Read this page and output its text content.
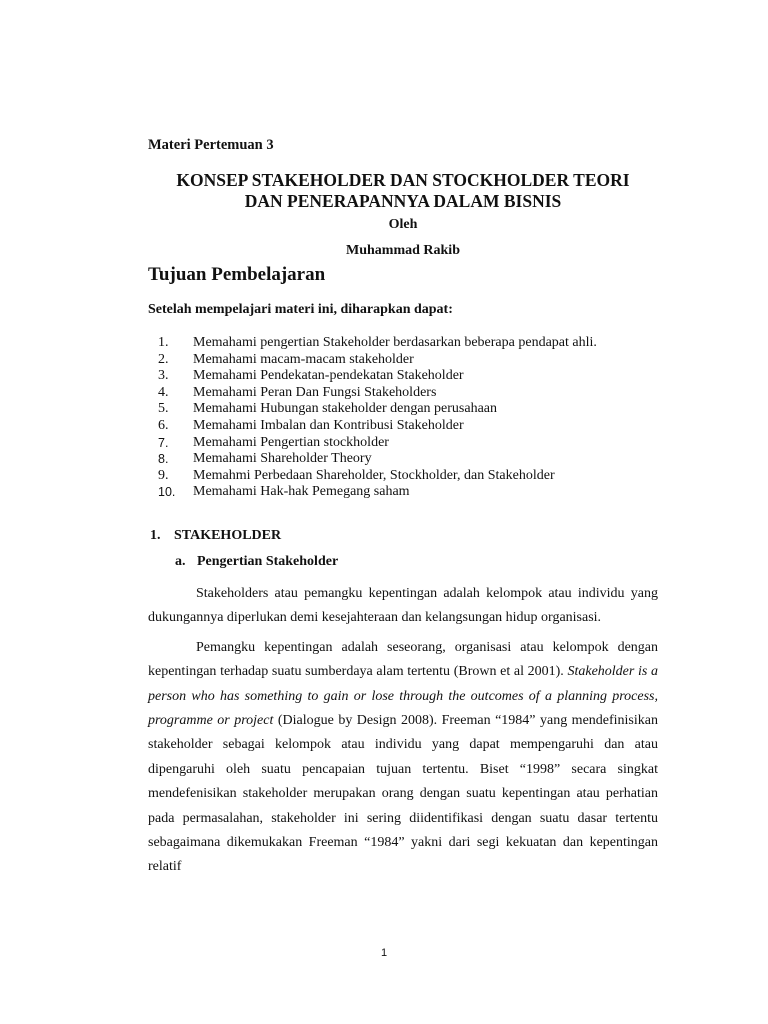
Materi Pertemuan 3
KONSEP STAKEHOLDER DAN STOCKHOLDER TEORI
DAN PENERAPANNYA DALAM BISNIS
Oleh
Muhammad Rakib
Tujuan Pembelajaran
Setelah mempelajari materi ini, diharapkan dapat:
1.	Memahami pengertian Stakeholder berdasarkan beberapa pendapat ahli.
2.	Memahami macam-macam stakeholder
3.	Memahami Pendekatan-pendekatan Stakeholder
4.	Memahami Peran Dan Fungsi Stakeholders
5.	Memahami Hubungan stakeholder dengan perusahaan
6.	Memahami Imbalan dan Kontribusi Stakeholder
7.	Memahami Pengertian stockholder
8.	Memahami Shareholder Theory
9.	Memahmi Perbedaan Shareholder, Stockholder, dan Stakeholder
10.	Memahami Hak-hak Pemegang saham
1. STAKEHOLDER
a. Pengertian Stakeholder

Stakeholders atau pemangku kepentingan adalah kelompok atau individu yang dukungannya diperlukan demi kesejahteraan dan kelangsungan hidup organisasi.

Pemangku kepentingan adalah seseorang, organisasi atau kelompok dengan kepentingan terhadap suatu sumberdaya alam tertentu (Brown et al 2001). Stakeholder is a person who has something to gain or lose through the outcomes of a planning process, programme or project (Dialogue by Design 2008). Freeman “1984” yang mendefinisikan stakeholder sebagai kelompok atau individu yang dapat mempengaruhi dan atau dipengaruhi oleh suatu pencapaian tujuan tertentu. Biset “1998” secara singkat mendefenisikan stakeholder merupakan orang dengan suatu kepentingan atau perhatian pada permasalahan, stakeholder ini sering diidentifikasi dengan suatu dasar tertentu sebagaimana dikemukakan Freeman “1984” yakni dari segi kekuatan dan kepentingan relatif

1
